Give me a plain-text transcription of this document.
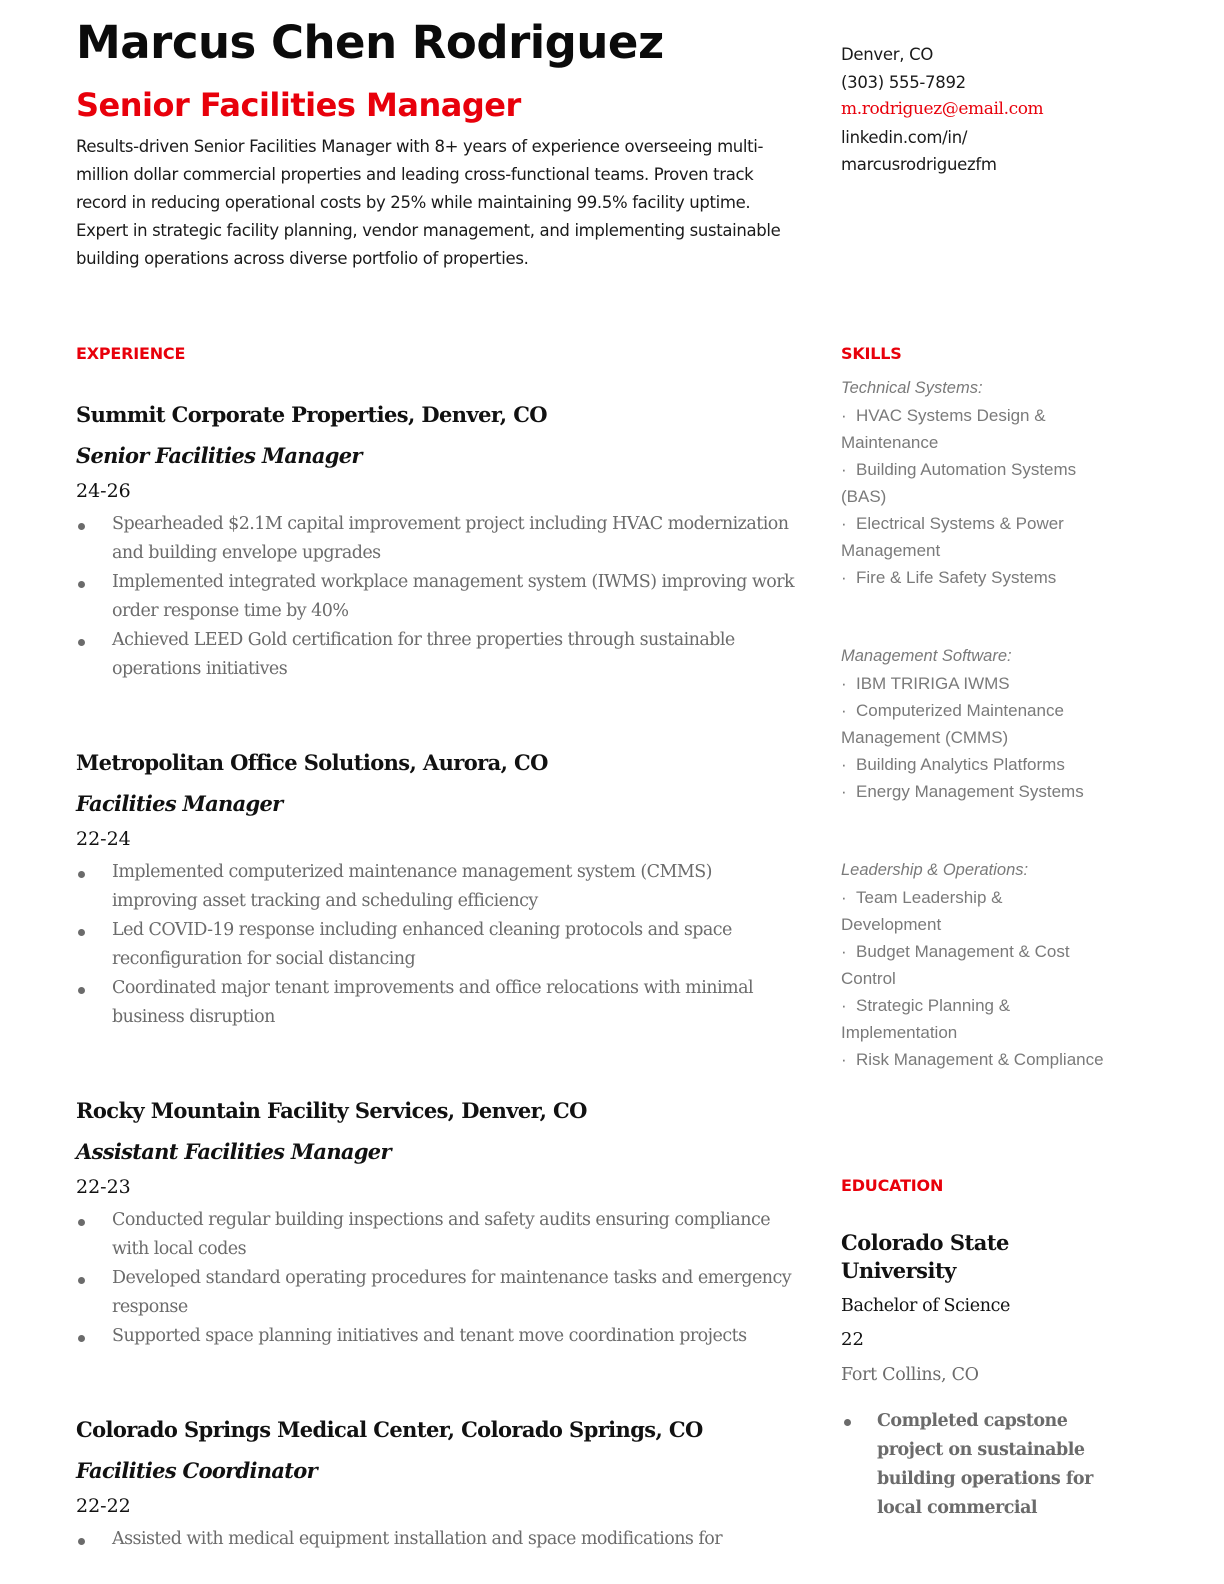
Marcus Chen Rodriguez
Senior Facilities Manager
Results-driven Senior Facilities Manager with 8+ years of experience overseeing multi-million dollar commercial properties and leading cross-functional teams. Proven track record in reducing operational costs by 25% while maintaining 99.5% facility uptime. Expert in strategic facility planning, vendor management, and implementing sustainable building operations across diverse portfolio of properties.
EXPERIENCE
Summit Corporate Properties, Denver, CO
Senior Facilities Manager
24-26
Spearheaded $2.1M capital improvement project including HVAC modernization and building envelope upgrades
Implemented integrated workplace management system (IWMS) improving work order response time by 40%
Achieved LEED Gold certification for three properties through sustainable operations initiatives
Metropolitan Office Solutions, Aurora, CO
Facilities Manager
22-24
Implemented computerized maintenance management system (CMMS) improving asset tracking and scheduling efficiency
Led COVID-19 response including enhanced cleaning protocols and space reconfiguration for social distancing
Coordinated major tenant improvements and office relocations with minimal business disruption
Rocky Mountain Facility Services, Denver, CO
Assistant Facilities Manager
22-23
Conducted regular building inspections and safety audits ensuring compliance with local codes
Developed standard operating procedures for maintenance tasks and emergency response
Supported space planning initiatives and tenant move coordination projects
Colorado Springs Medical Center, Colorado Springs, CO
Facilities Coordinator
22-22
Assisted with medical equipment installation and space modifications for
Denver, CO
(303) 555-7892
m.rodriguez@email.com
linkedin.com/in/
marcusrodriguezfm
SKILLS
Technical Systems:
· HVAC Systems Design & Maintenance
· Building Automation Systems (BAS)
· Electrical Systems & Power Management
· Fire & Life Safety Systems
Management Software:
· IBM TRIRIGA IWMS
· Computerized Maintenance Management (CMMS)
· Building Analytics Platforms
· Energy Management Systems
Leadership & Operations:
· Team Leadership & Development
· Budget Management & Cost Control
· Strategic Planning & Implementation
· Risk Management & Compliance
EDUCATION
Colorado State University
Bachelor of Science
22
Fort Collins, CO
Completed capstone project on sustainable building operations for local commercial
